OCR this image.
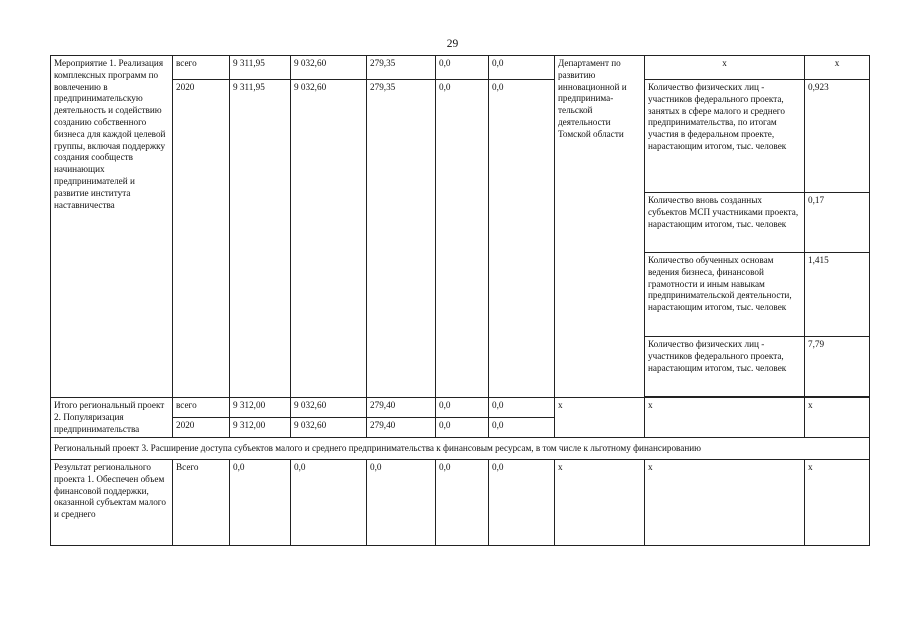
29
Мероприятие 1. Реализация комплексных программ по вовлечению в предпринимательскую деятельность и содействию созданию собственного бизнеса для каждой целевой группы, включая поддержку создания сообществ начинающих предпринимателей и развитие института наставничества	всего	9 311,95	9 032,60	279,35	0,0	0,0	Департамент по развитию инновационной и предпринима-тельской деятельности Томской области	х	х
	2020	9 311,95	9 032,60	279,35	0,0	0,0		Количество физических лиц - участников федерального проекта, занятых в сфере малого и среднего предпринимательства, по итогам участия в федеральном проекте, нарастающим итогом, тыс. человек	0,923
								Количество вновь созданных субъектов МСП участниками проекта, нарастающим итогом, тыс. человек	0,17
								Количество обученных основам ведения бизнеса, финансовой грамотности и иным навыкам предпринимательской деятельности, нарастающим итогом, тыс. человек	1,415
								Количество физических лиц - участников федерального проекта, нарастающим итогом, тыс. человек	7,79

Итого региональный проект 2. Популяризация предпринимательства	всего	9 312,00	9 032,60	279,40	0,0	0,0	х	х	х
	2020	9 312,00	9 032,60	279,40	0,0	0,0			
Региональный проект 3. Расширение доступа субъектов малого и среднего предпринимательства к финансовым ресурсам, в том числе к льготному финансированию									
Результат регионального проекта 1. Обеспечен объем финансовой поддержки, оказанной субъектам малого и среднего	Всего	0,0	0,0	0,0	0,0	0,0	х	х	х
